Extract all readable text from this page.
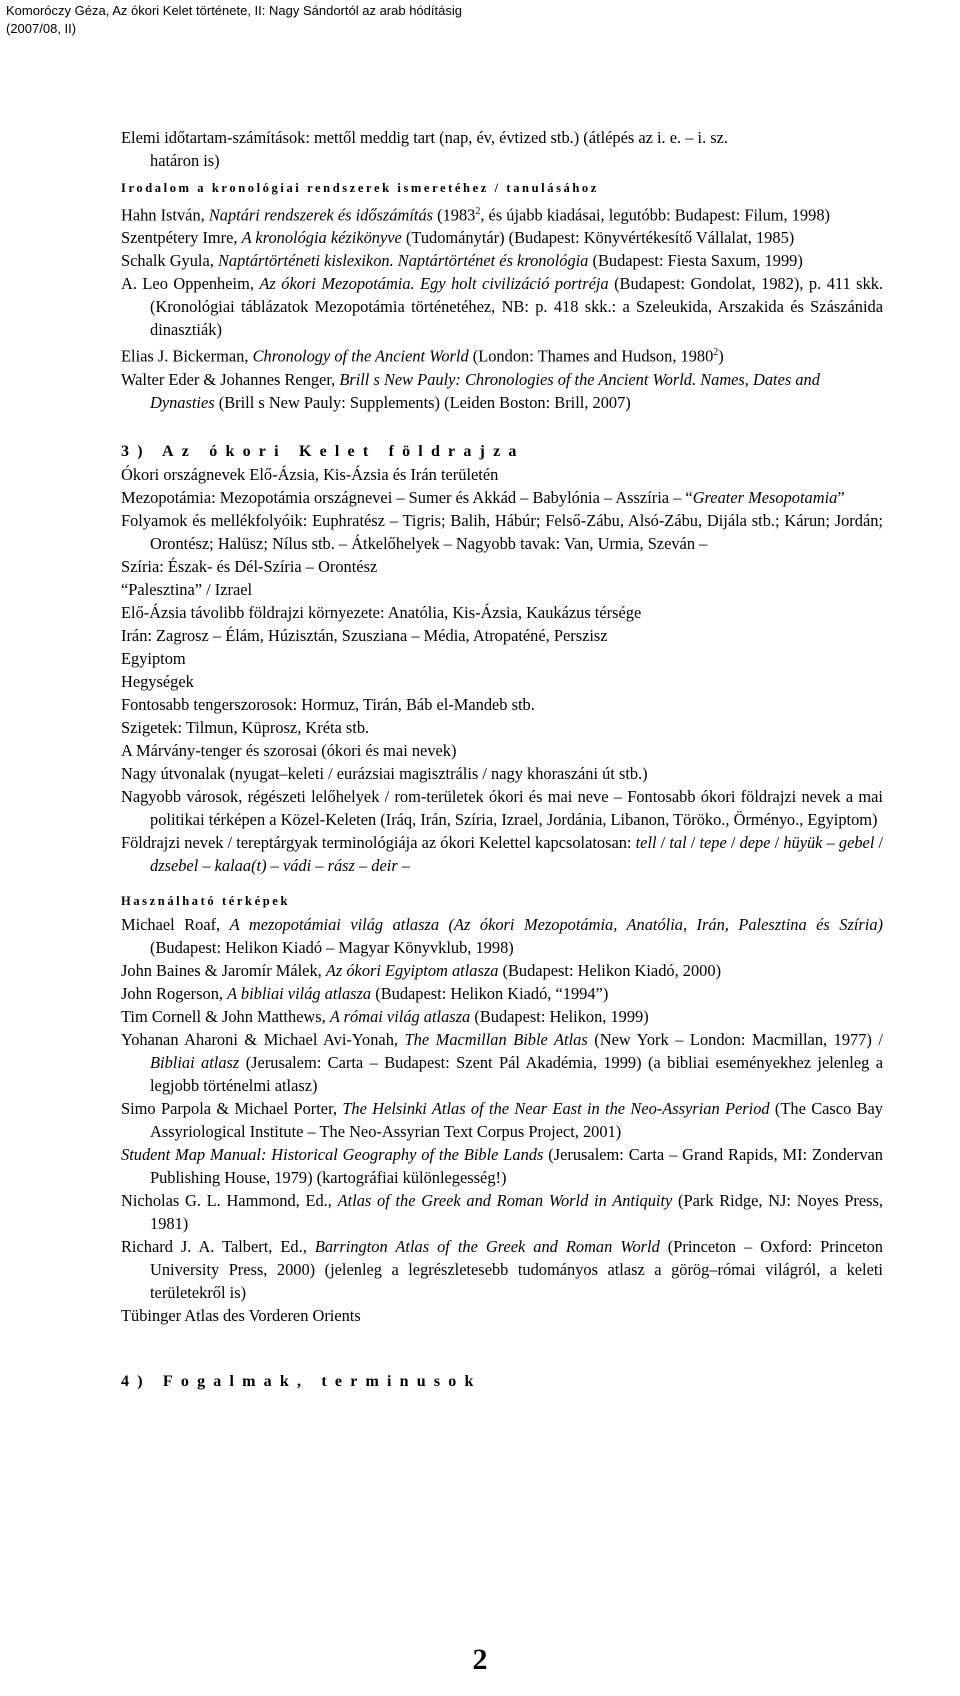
Komoróczy Géza, Az ókori Kelet története, II: Nagy Sándortól az arab hódításig
(2007/08, II)

Elemi időtartam-számítások: mettől meddig tart (nap, év, évtized stb.) (átlépés az i. e. – i. sz.
határon is)

Irodalom a kronológiai rendszerek ismeretéhez / tanulásához

Hahn István, Naptári rendszerek és időszámítás (1983$^2$, és újabb kiadásai, legutóbb: Budapest: Filum, 1998)

Szentpétery Imre, A kronológia kézikönyve (Tudománytár) (Budapest: Könyvértékesítő Vállalat, 1985)

Schalk Gyula, Naptártörténeti kislexikon. Naptártörténet és kronológia (Budapest: Fiesta Saxum, 1999)

A. Leo Oppenheim, Az ókori Mezopotámia. Egy holt civilizáció portréja (Budapest: Gondolat, 1982), p. 411 skk. (Kronológiai táblázatok Mezopotámia történetéhez, NB: p. 418 skk.: a Szeleukida, Arszakida és Szászánida dinasztiák)

Elias J. Bickerman, Chronology of the Ancient World (London: Thames and Hudson, 1980$^2$)

Walter Eder & Johannes Renger, Brill s New Pauly: Chronologies of the Ancient World. Names, Dates and Dynasties (Brill s New Pauly: Supplements) (Leiden Boston: Brill, 2007)

3) Az ókori Kelet földrajza

Ókori országnevek Elő-Ázsia, Kis-Ázsia és Irán területén

Mezopotámia: Mezopotámia országnevei – Sumer és Akkád – Babylónia – Asszíria – “Greater Mesopotamia”

Folyamok és mellékfolyóik: Euphratész – Tigris; Balih, Hábúr; Felső-Zábu, Alsó-Zábu, Dijála stb.; Kárun; Jordán; Orontész; Halüsz; Nílus stb. – Átkelőhelyek – Nagyobb tavak: Van, Urmia, Szeván –

Szíria: Észak- és Dél-Szíria – Orontész

“Palesztina” / Izrael

Elő-Ázsia távolibb földrajzi környezete: Anatólia, Kis-Ázsia, Kaukázus térsége

Irán: Zagrosz – Élám, Húzisztán, Szusziana – Média, Atropaténé, Perszisz

Egyiptom

Hegységek

Fontosabb tengerszorosok: Hormuz, Tirán, Báb el-Mandeb stb.

Szigetek: Tilmun, Küprosz, Kréta stb.

A Márvány-tenger és szorosai (ókori és mai nevek)

Nagy útvonalak (nyugat–keleti / eurázsiai magisztrális / nagy khoraszáni út stb.)

Nagyobb városok, régészeti lelőhelyek / rom-területek ókori és mai neve – Fontosabb ókori földrajzi nevek a mai politikai térképen a Közel-Keleten (Iráq, Irán, Szíria, Izrael, Jordánia, Libanon, Törökо., Örménуо., Egyiptom)

Földrajzi nevek / tereptárgyak terminológiája az ókori Kelettel kapcsolatosan: tell / tal / tepe / depe / hüyük – gebel / dzsebel – kalaa(t) – vádi – rász – deir –

Használható térképek

Michael Roaf, A mezopotámiai világ atlasza (Az ókori Mezopotámia, Anatólia, Irán, Palesztina és Szíria) (Budapest: Helikon Kiadó – Magyar Könyvklub, 1998)

John Baines & Jaromír Málek, Az ókori Egyiptom atlasza (Budapest: Helikon Kiadó, 2000)

John Rogerson, A bibliai világ atlasza (Budapest: Helikon Kiadó, “1994”)

Tim Cornell & John Matthews, A római világ atlasza (Budapest: Helikon, 1999)

Yohanan Aharoni & Michael Avi-Yonah, The Macmillan Bible Atlas (New York – London: Macmillan, 1977) / Bibliai atlasz (Jerusalem: Carta – Budapest: Szent Pál Akadémia, 1999) (a bibliai eseményekhez jelenleg a legjobb történelmi atlasz)

Simo Parpola & Michael Porter, The Helsinki Atlas of the Near East in the Neo-Assyrian Period (The Casco Bay Assyriological Institute – The Neo-Assyrian Text Corpus Project, 2001)

Student Map Manual: Historical Geography of the Bible Lands (Jerusalem: Carta – Grand Rapids, MI: Zondervan Publishing House, 1979) (kartográfiai különlegesség!)

Nicholas G. L. Hammond, Ed., Atlas of the Greek and Roman World in Antiquity (Park Ridge, NJ: Noyes Press, 1981)

Richard J. A. Talbert, Ed., Barrington Atlas of the Greek and Roman World (Princeton – Oxford: Princeton University Press, 2000) (jelenleg a legrészletesebb tudományos atlasz a görög–római világról, a keleti területekről is)

Tübinger Atlas des Vorderen Orients

4) Fogalmak, terminusok
2
